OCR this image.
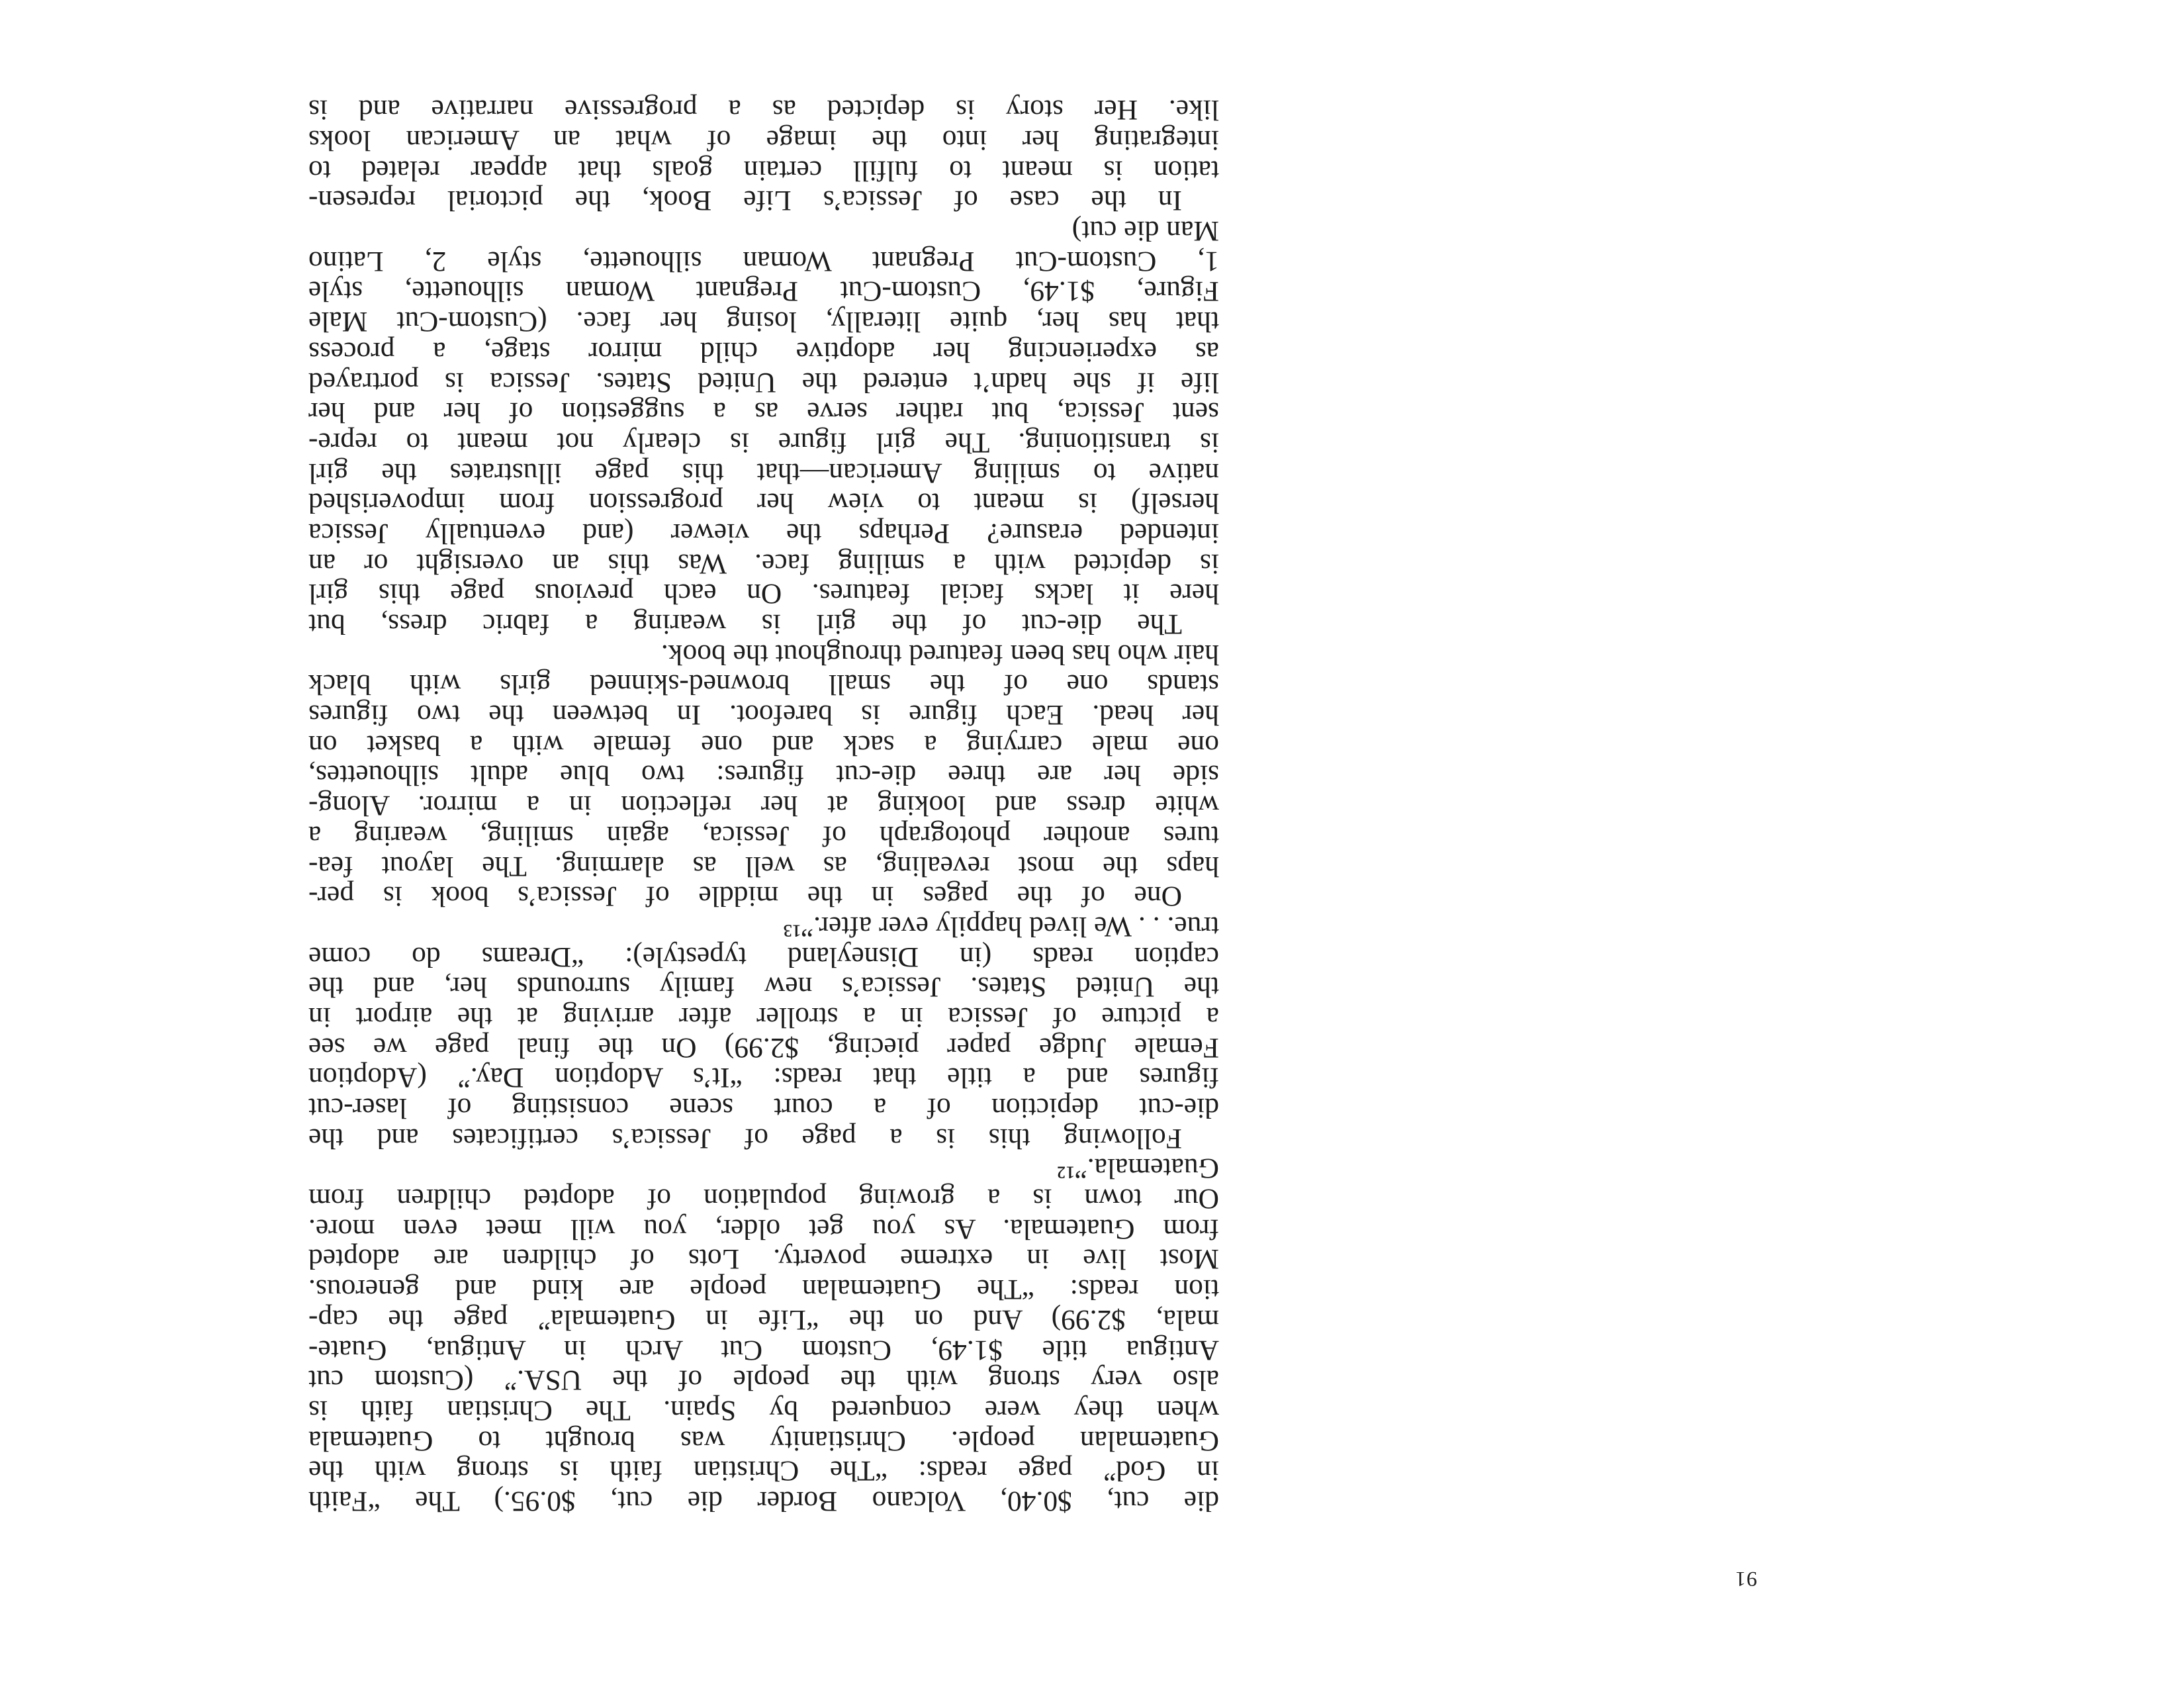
91
die cut, $0.40, Volcano Border die cut, $0.95.) The “Faith
in God” page reads: “The Christian faith is strong with the
Guatemalan people. Christianity was brought to Guatemala
when they were conquered by Spain. The Christian faith is
also very strong with the people of the USA.” (Custom cut
Antigua title $1.49, Custom Cut Arch in Antigua, Guate-
mala, $2.99) And on the “Life in Guatemala” page the cap-
tion reads: “The Guatemalan people are kind and generous.
Most live in extreme poverty. Lots of children are adopted
from Guatemala. As you get older, you will meet even more.
Our town is a growing population of adopted children from
Guatemala.”¹²
Following this is a page of Jessica’s certificates and the
die-cut depiction of a court scene consisting of laser-cut
figures and a title that reads: “It’s Adoption Day.” (Adoption
Female Judge paper piecing, $2.99) On the final page we see
a picture of Jessica in a stroller after arriving at the airport in
the United States. Jessica’s new family surrounds her, and the
caption reads (in Disneyland typestyle): “Dreams do come
true. . . We lived happily ever after.”¹³
One of the pages in the middle of Jessica’s book is per-
haps the most revealing, as well as alarming. The layout fea-
tures another photograph of Jessica, again smiling, wearing a
white dress and looking at her reflection in a mirror. Along-
side her are three die-cut figures: two blue adult silhouettes,
one male carrying a sack and one female with a basket on
her head. Each figure is barefoot. In between the two figures
stands one of the small browned-skinned girls with black
hair who has been featured throughout the book.
The die-cut of the girl is wearing a fabric dress, but
here it lacks facial features. On each previous page this girl
is depicted with a smiling face. Was this an oversight or an
intended erasure? Perhaps the viewer (and eventually Jessica
herself) is meant to view her progression from impoverished
native to smiling American—that this page illustrates the girl
is transitioning. The girl figure is clearly not meant to repre-
sent Jessica, but rather serve as a suggestion of her and her
life if she hadn’t entered the United States. Jessica is portrayed
as experiencing her adoptive child mirror stage, a process
that has her, quite literally, losing her face. (Custom-Cut Male
Figure, $1.49, Custom-Cut Pregnant Woman silhouette, style
1, Custom-Cut Pregnant Woman silhouette, style 2, Latino
Man die cut)
In the case of Jessica’s Life Book, the pictorial represen-
tation is meant to fulfill certain goals that appear related to
integrating her into the image of what an American looks
like. Her story is depicted as a progressive narrative and is
